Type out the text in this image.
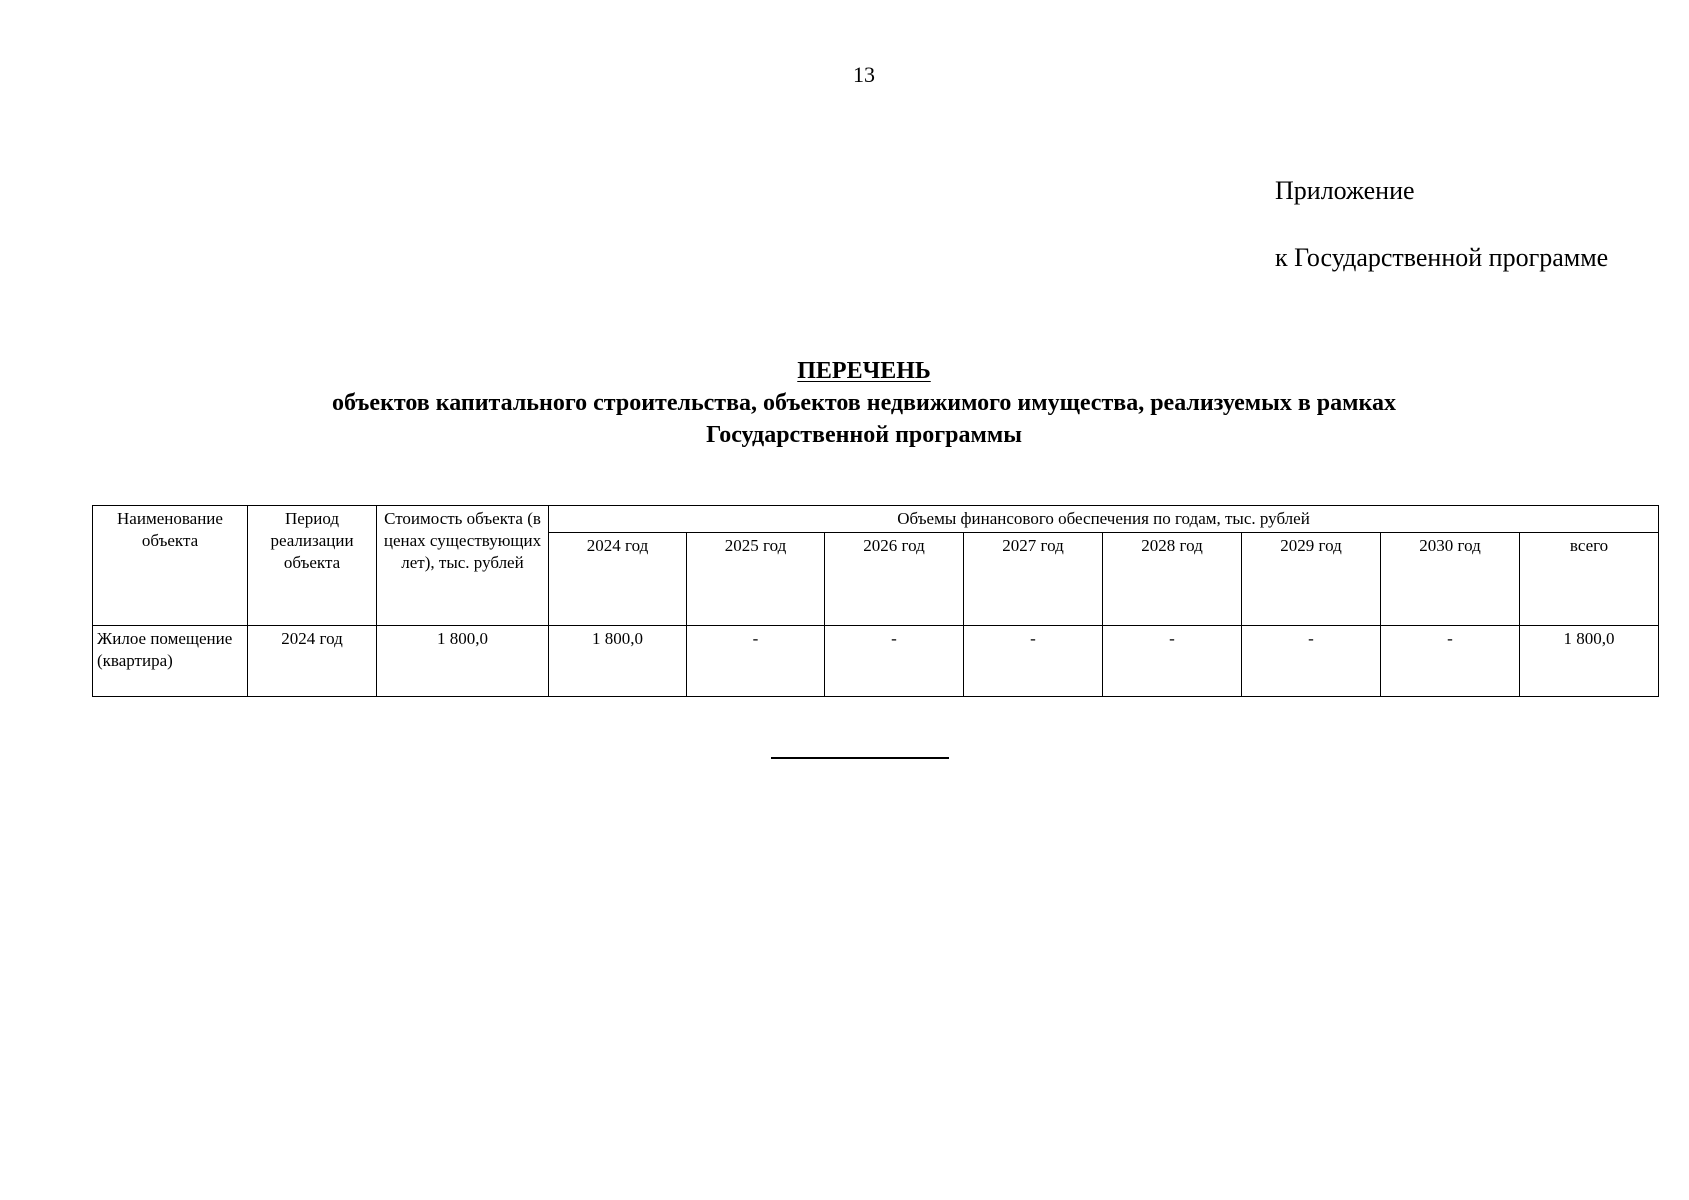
13
Приложение
к Государственной программе
ПЕРЕЧЕНЬ
объектов капитального строительства, объектов недвижимого имущества, реализуемых в рамках
Государственной программы
Наименование объекта	Период реализации объекта	Стоимость объекта (в ценах существующих лет), тыс. рублей	Объемы финансового обеспечения по годам, тыс. рублей							
			2024 год	2025 год	2026 год	2027 год	2028 год	2029 год	2030 год	всего
Жилое помещение (квартира)	2024 год	1 800,0	1 800,0	-	-	-	-	-	-	1 800,0
